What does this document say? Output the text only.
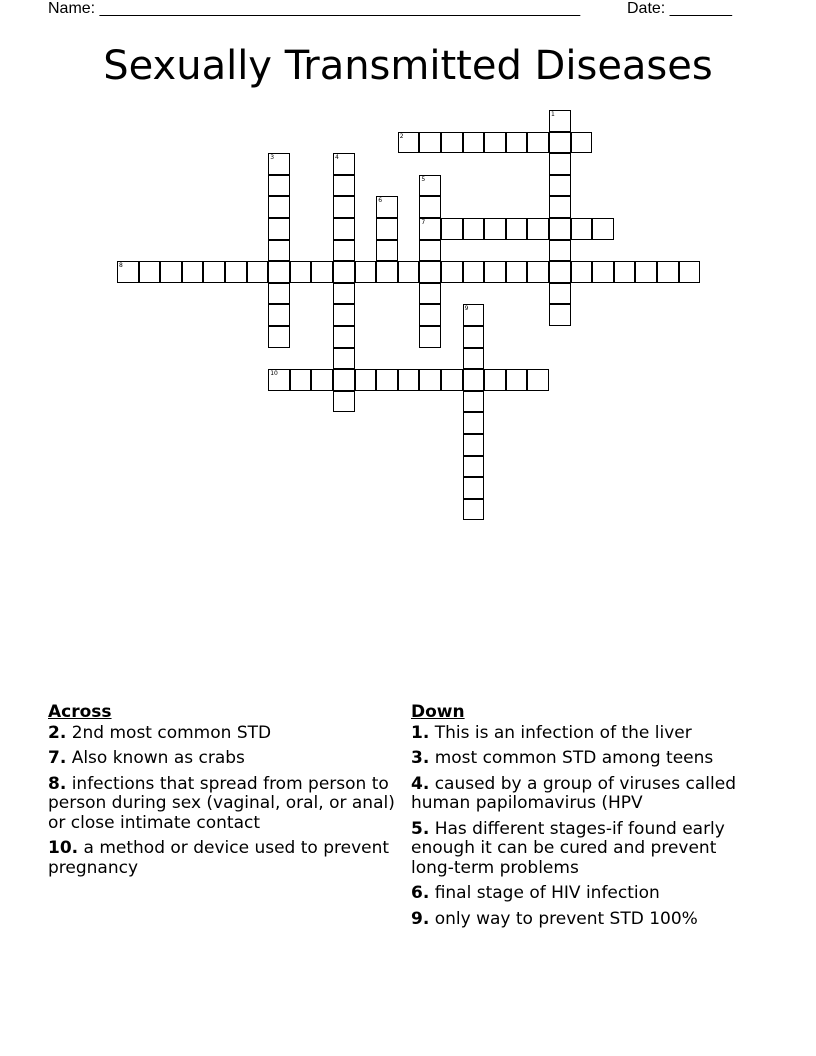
Name: ______________________________________________________	Date: _______
Sexually Transmitted Diseases
1
2
3	4
5
7
6
8
9
10
Across
2. 2nd most common STD
7. Also known as crabs
8. infections that spread from person to person during sex (vaginal, oral, or anal) or close intimate contact
10. a method or device used to prevent pregnancy
Down
1. This is an infection of the liver
3. most common STD among teens
4. caused by a group of viruses called human papilomavirus (HPV
5. Has different stages-if found early enough it can be cured and prevent long-term problems
6. final stage of HIV infection
9. only way to prevent STD 100%
